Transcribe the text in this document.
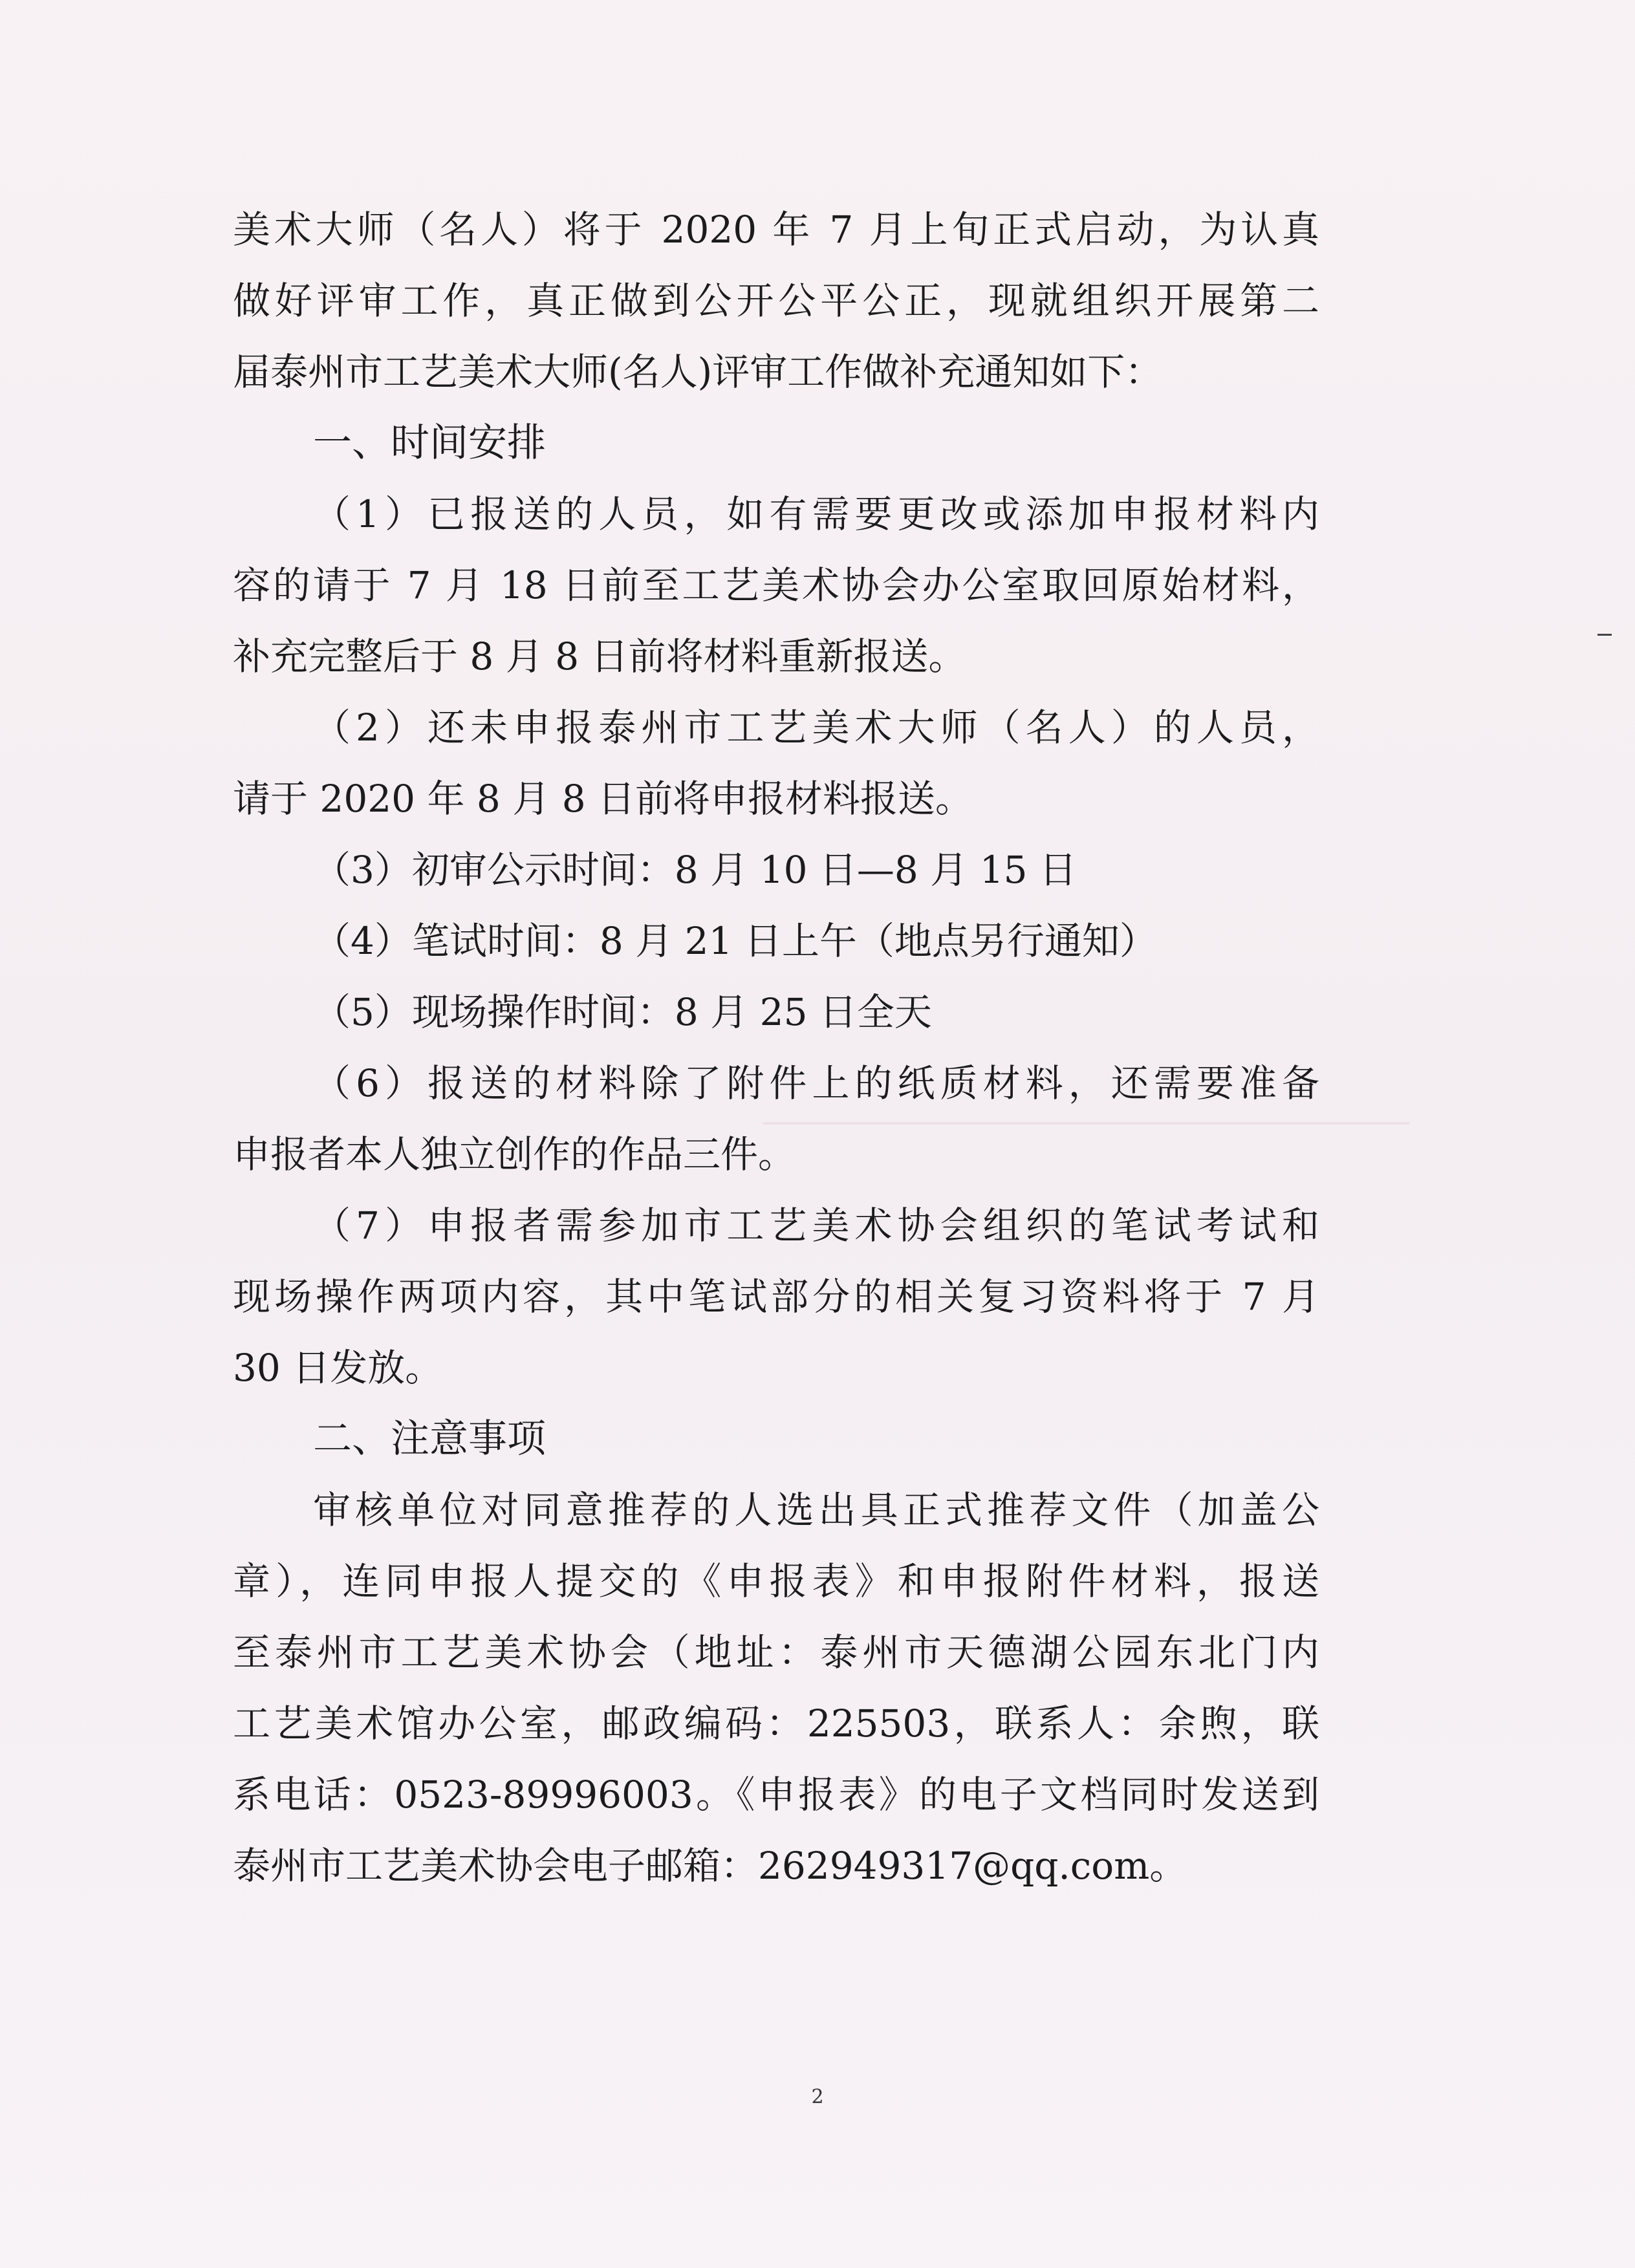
美术大师（名人）将于 2020 年 7 月上旬正式启动，为认真
做好评审工作，真正做到公开公平公正，现就组织开展第二
届泰州市工艺美术大师(名人)评审工作做补充通知如下：
一、时间安排
（1）已报送的人员，如有需要更改或添加申报材料内
容的请于 7 月 18 日前至工艺美术协会办公室取回原始材料，
补充完整后于 8 月 8 日前将材料重新报送。
（2）还未申报泰州市工艺美术大师（名人）的人员，
请于 2020 年 8 月 8 日前将申报材料报送。
（3）初审公示时间：8 月 10 日—8 月 15 日
（4）笔试时间：8 月 21 日上午（地点另行通知）
（5）现场操作时间：8 月 25 日全天
（6）报送的材料除了附件上的纸质材料，还需要准备
申报者本人独立创作的作品三件。
（7）申报者需参加市工艺美术协会组织的笔试考试和
现场操作两项内容，其中笔试部分的相关复习资料将于 7 月
30 日发放。
二、注意事项
审核单位对同意推荐的人选出具正式推荐文件（加盖公
章），连同申报人提交的《申报表》和申报附件材料，报送
至泰州市工艺美术协会（地址：泰州市天德湖公园东北门内
工艺美术馆办公室，邮政编码：225503，联系人：余煦，联
系电话：0523-89996003。《申报表》的电子文档同时发送到
泰州市工艺美术协会电子邮箱：262949317@qq.com。
2
